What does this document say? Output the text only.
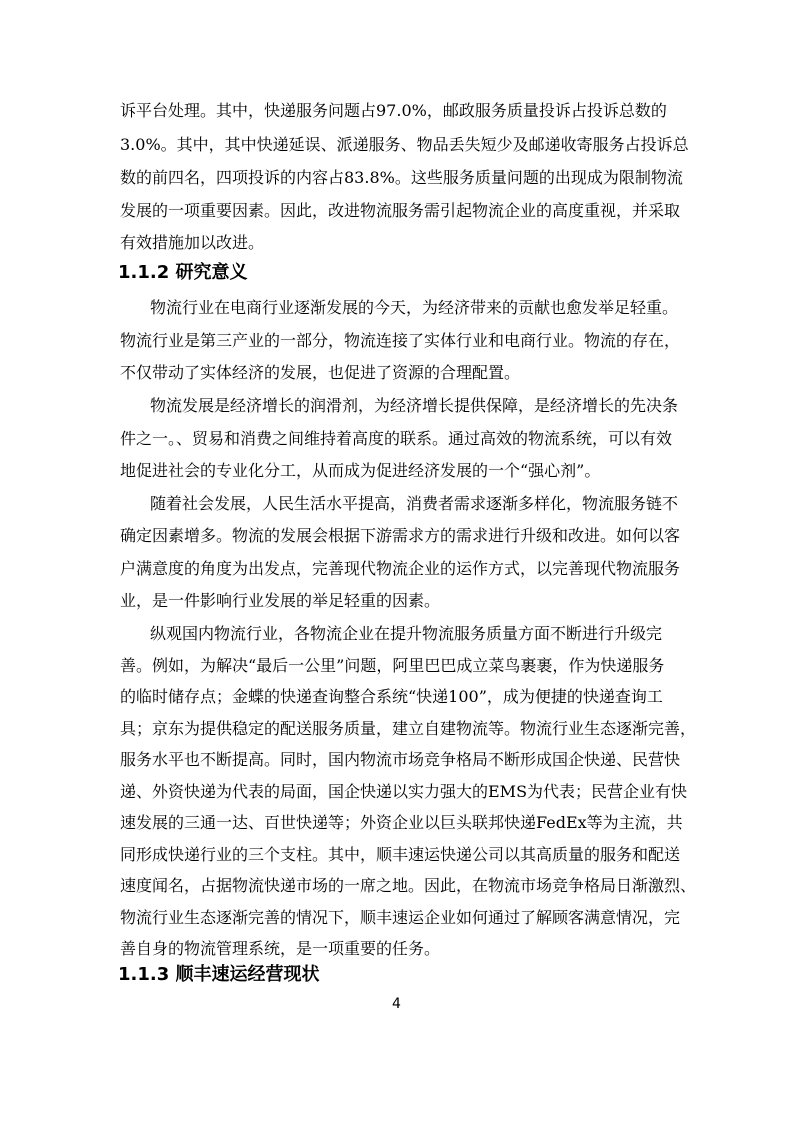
诉平台处理。其中，快递服务问题占97.0%，邮政服务质量投诉占投诉总数的
3.0%。其中，其中快递延误、派递服务、物品丢失短少及邮递收寄服务占投诉总
数的前四名，四项投诉的内容占83.8%。这些服务质量问题的出现成为限制物流
发展的一项重要因素。因此，改进物流服务需引起物流企业的高度重视，并采取
有效措施加以改进。
1.1.2 研究意义
物流行业在电商行业逐渐发展的今天，为经济带来的贡献也愈发举足轻重。
物流行业是第三产业的一部分，物流连接了实体行业和电商行业。物流的存在，
不仅带动了实体经济的发展，也促进了资源的合理配置。
物流发展是经济增长的润滑剂，为经济增长提供保障，是经济增长的先决条
件之一。、贸易和消费之间维持着高度的联系。通过高效的物流系统，可以有效
地促进社会的专业化分工，从而成为促进经济发展的一个“强心剂”。
随着社会发展，人民生活水平提高，消费者需求逐渐多样化，物流服务链不
确定因素增多。物流的发展会根据下游需求方的需求进行升级和改进。如何以客
户满意度的角度为出发点，完善现代物流企业的运作方式，以完善现代物流服务
业，是一件影响行业发展的举足轻重的因素。
纵观国内物流行业，各物流企业在提升物流服务质量方面不断进行升级完
善。例如，为解决“最后一公里”问题，阿里巴巴成立菜鸟裹裹，作为快递服务
的临时储存点；金蝶的快递查询整合系统“快递100”，成为便捷的快递查询工
具；京东为提供稳定的配送服务质量，建立自建物流等。物流行业生态逐渐完善，
服务水平也不断提高。同时，国内物流市场竞争格局不断形成国企快递、民营快
递、外资快递为代表的局面，国企快递以实力强大的EMS为代表；民营企业有快
速发展的三通一达、百世快递等；外资企业以巨头联邦快递FedEx等为主流，共
同形成快递行业的三个支柱。其中，顺丰速运快递公司以其高质量的服务和配送
速度闻名，占据物流快递市场的一席之地。因此，在物流市场竞争格局日渐激烈、
物流行业生态逐渐完善的情况下，顺丰速运企业如何通过了解顾客满意情况，完
善自身的物流管理系统，是一项重要的任务。
1.1.3 顺丰速运经营现状
4
